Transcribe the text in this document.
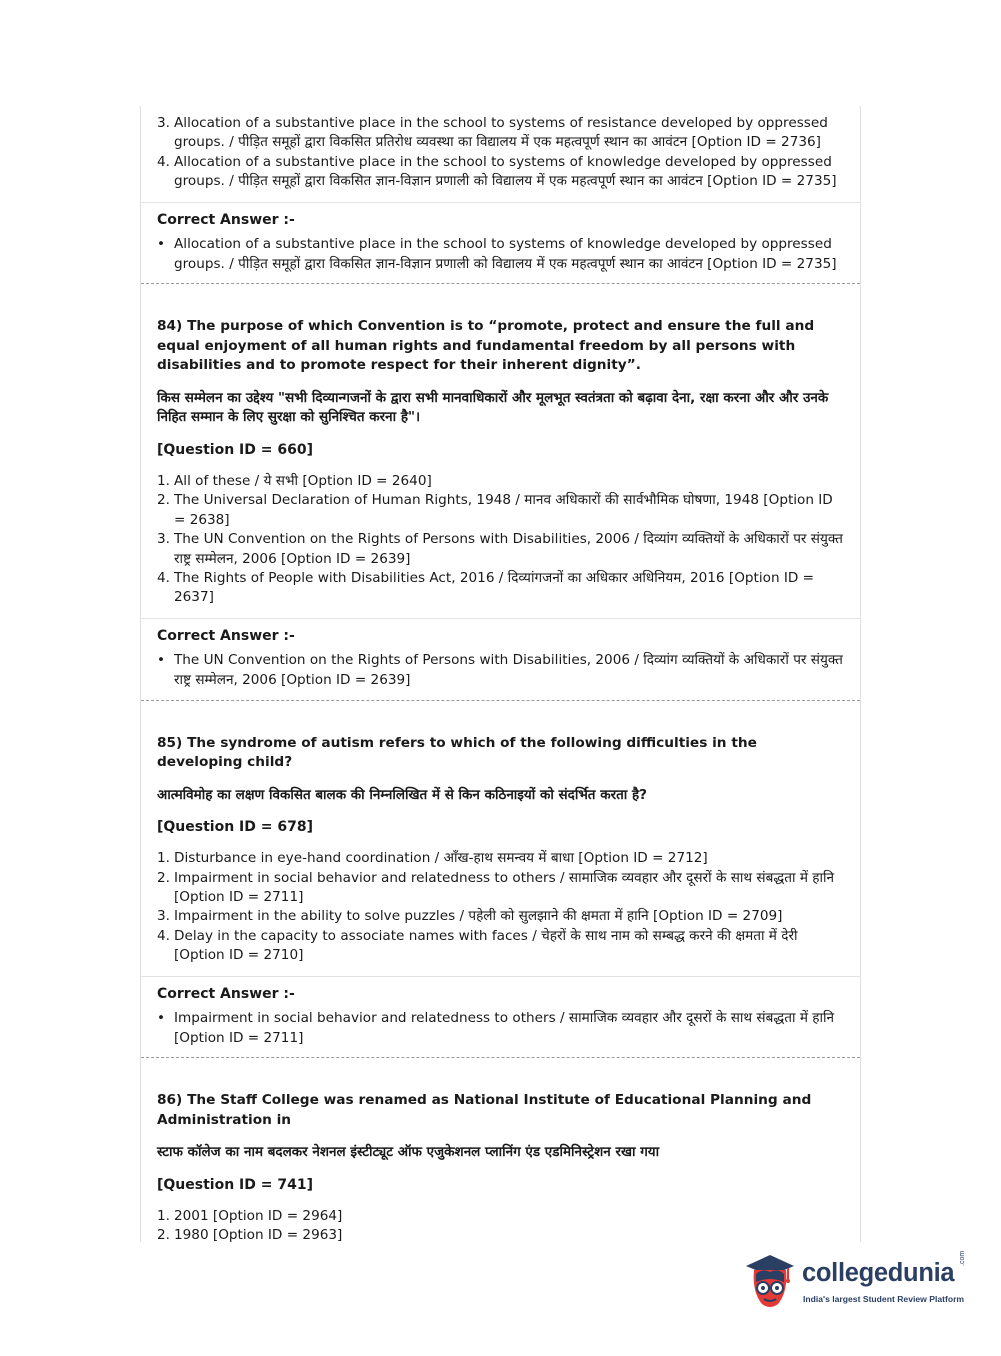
3. Allocation of a substantive place in the school to systems of resistance developed by oppressed groups. / पीड़ित समूहों द्वारा विकसित प्रतिरोध व्यवस्था का विद्यालय में एक महत्वपूर्ण स्थान का आवंटन [Option ID = 2736]
4. Allocation of a substantive place in the school to systems of knowledge developed by oppressed groups. / पीड़ित समूहों द्वारा विकसित ज्ञान-विज्ञान प्रणाली को विद्यालय में एक महत्वपूर्ण स्थान का आवंटन [Option ID = 2735]
Correct Answer :-
• Allocation of a substantive place in the school to systems of knowledge developed by oppressed groups. / पीड़ित समूहों द्वारा विकसित ज्ञान-विज्ञान प्रणाली को विद्यालय में एक महत्वपूर्ण स्थान का आवंटन [Option ID = 2735]

84) The purpose of which Convention is to “promote, protect and ensure the full and equal enjoyment of all human rights and fundamental freedom by all persons with disabilities and to promote respect for their inherent dignity”.

किस सम्मेलन का उद्देश्य "सभी दिव्यान्गजनों के द्वारा सभी मानवाधिकारों और मूलभूत स्वतंत्रता को बढ़ावा देना, रक्षा करना और और उनके निहित सम्मान के लिए सुरक्षा को सुनिश्चित करना है"।

[Question ID = 660]

1. All of these / ये सभी [Option ID = 2640]
2. The Universal Declaration of Human Rights, 1948 / मानव अधिकारों की सार्वभौमिक घोषणा, 1948 [Option ID = 2638]
3. The UN Convention on the Rights of Persons with Disabilities, 2006 / दिव्यांग व्यक्तियों के अधिकारों पर संयुक्त राष्ट्र सम्मेलन, 2006 [Option ID = 2639]
4. The Rights of People with Disabilities Act, 2016 / दिव्यांगजनों का अधिकार अधिनियम, 2016 [Option ID = 2637]
Correct Answer :-
• The UN Convention on the Rights of Persons with Disabilities, 2006 / दिव्यांग व्यक्तियों के अधिकारों पर संयुक्त राष्ट्र सम्मेलन, 2006 [Option ID = 2639]

85) The syndrome of autism refers to which of the following difficulties in the developing child?

आत्मविमोह का लक्षण विकसित बालक की निम्नलिखित में से किन कठिनाइयों को संदर्भित करता है?

[Question ID = 678]

1. Disturbance in eye-hand coordination / आँख-हाथ समन्वय में बाधा [Option ID = 2712]
2. Impairment in social behavior and relatedness to others / सामाजिक व्यवहार और दूसरों के साथ संबद्धता में हानि [Option ID = 2711]
3. Impairment in the ability to solve puzzles / पहेली को सुलझाने की क्षमता में हानि [Option ID = 2709]
4. Delay in the capacity to associate names with faces / चेहरों के साथ नाम को सम्बद्ध करने की क्षमता में देरी [Option ID = 2710]
Correct Answer :-
• Impairment in social behavior and relatedness to others / सामाजिक व्यवहार और दूसरों के साथ संबद्धता में हानि [Option ID = 2711]

86) The Staff College was renamed as National Institute of Educational Planning and Administration in

स्टाफ कॉलेज का नाम बदलकर नेशनल इंस्टीट्यूट ऑफ एजुकेशनल प्लानिंग एंड एडमिनिस्ट्रेशन रखा गया

[Question ID = 741]

1. 2001 [Option ID = 2964]
2. 1980 [Option ID = 2963]
collegedunia
.com
India's largest Student Review Platform
